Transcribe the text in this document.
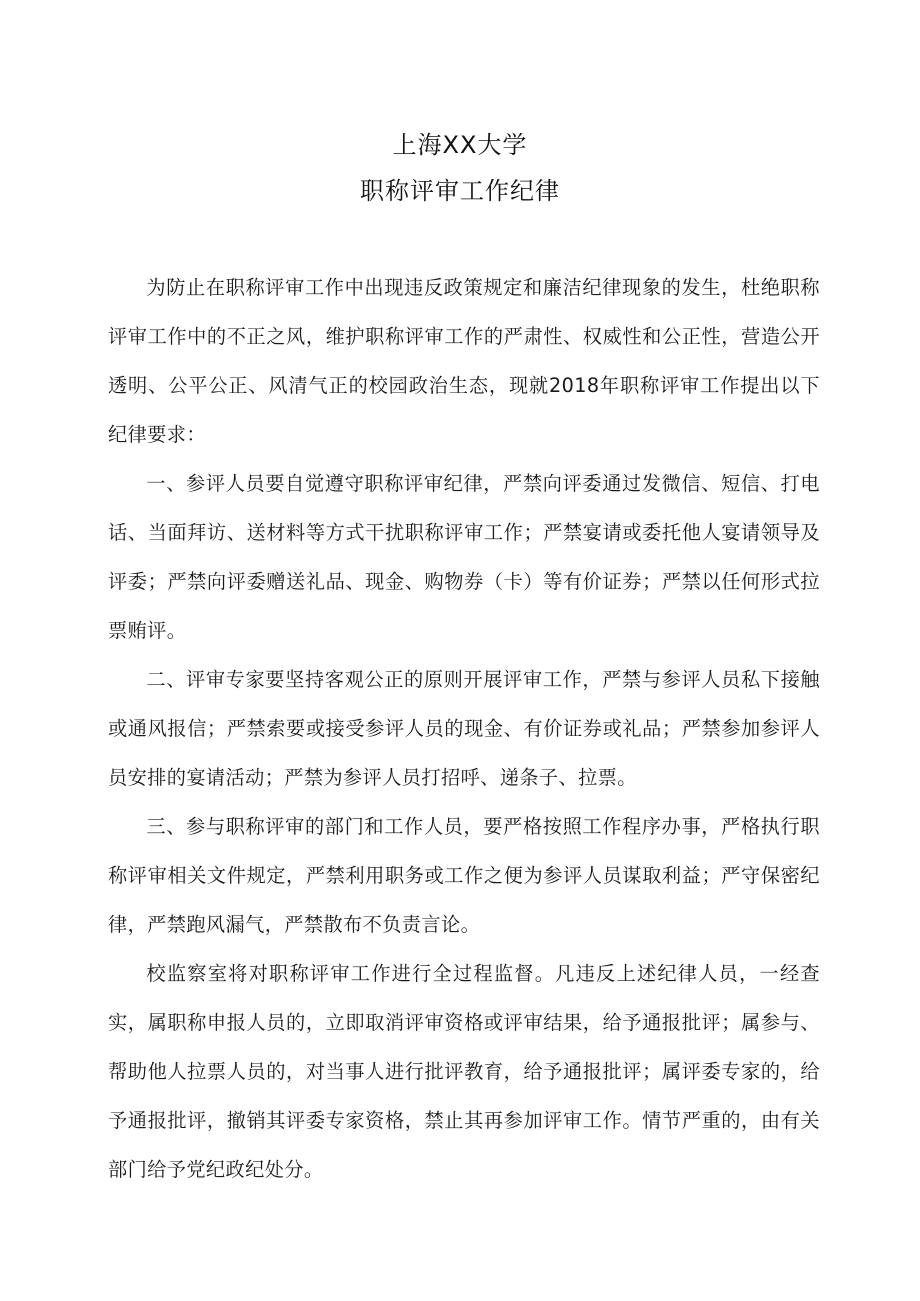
上海XX大学
职称评审工作纪律

为防止在职称评审工作中出现违反政策规定和廉洁纪律现象的发生，杜绝职称评审工作中的不正之风，维护职称评审工作的严肃性、权威性和公正性，营造公开透明、公平公正、风清气正的校园政治生态，现就2018年职称评审工作提出以下纪律要求：

一、参评人员要自觉遵守职称评审纪律，严禁向评委通过发微信、短信、打电话、当面拜访、送材料等方式干扰职称评审工作；严禁宴请或委托他人宴请领导及评委；严禁向评委赠送礼品、现金、购物券（卡）等有价证券；严禁以任何形式拉票贿评。

二、评审专家要坚持客观公正的原则开展评审工作，严禁与参评人员私下接触或通风报信；严禁索要或接受参评人员的现金、有价证券或礼品；严禁参加参评人员安排的宴请活动；严禁为参评人员打招呼、递条子、拉票。

三、参与职称评审的部门和工作人员，要严格按照工作程序办事，严格执行职称评审相关文件规定，严禁利用职务或工作之便为参评人员谋取利益；严守保密纪律，严禁跑风漏气，严禁散布不负责言论。

校监察室将对职称评审工作进行全过程监督。凡违反上述纪律人员，一经查实，属职称申报人员的，立即取消评审资格或评审结果，给予通报批评；属参与、帮助他人拉票人员的，对当事人进行批评教育，给予通报批评；属评委专家的，给予通报批评，撤销其评委专家资格，禁止其再参加评审工作。情节严重的，由有关部门给予党纪政纪处分。
